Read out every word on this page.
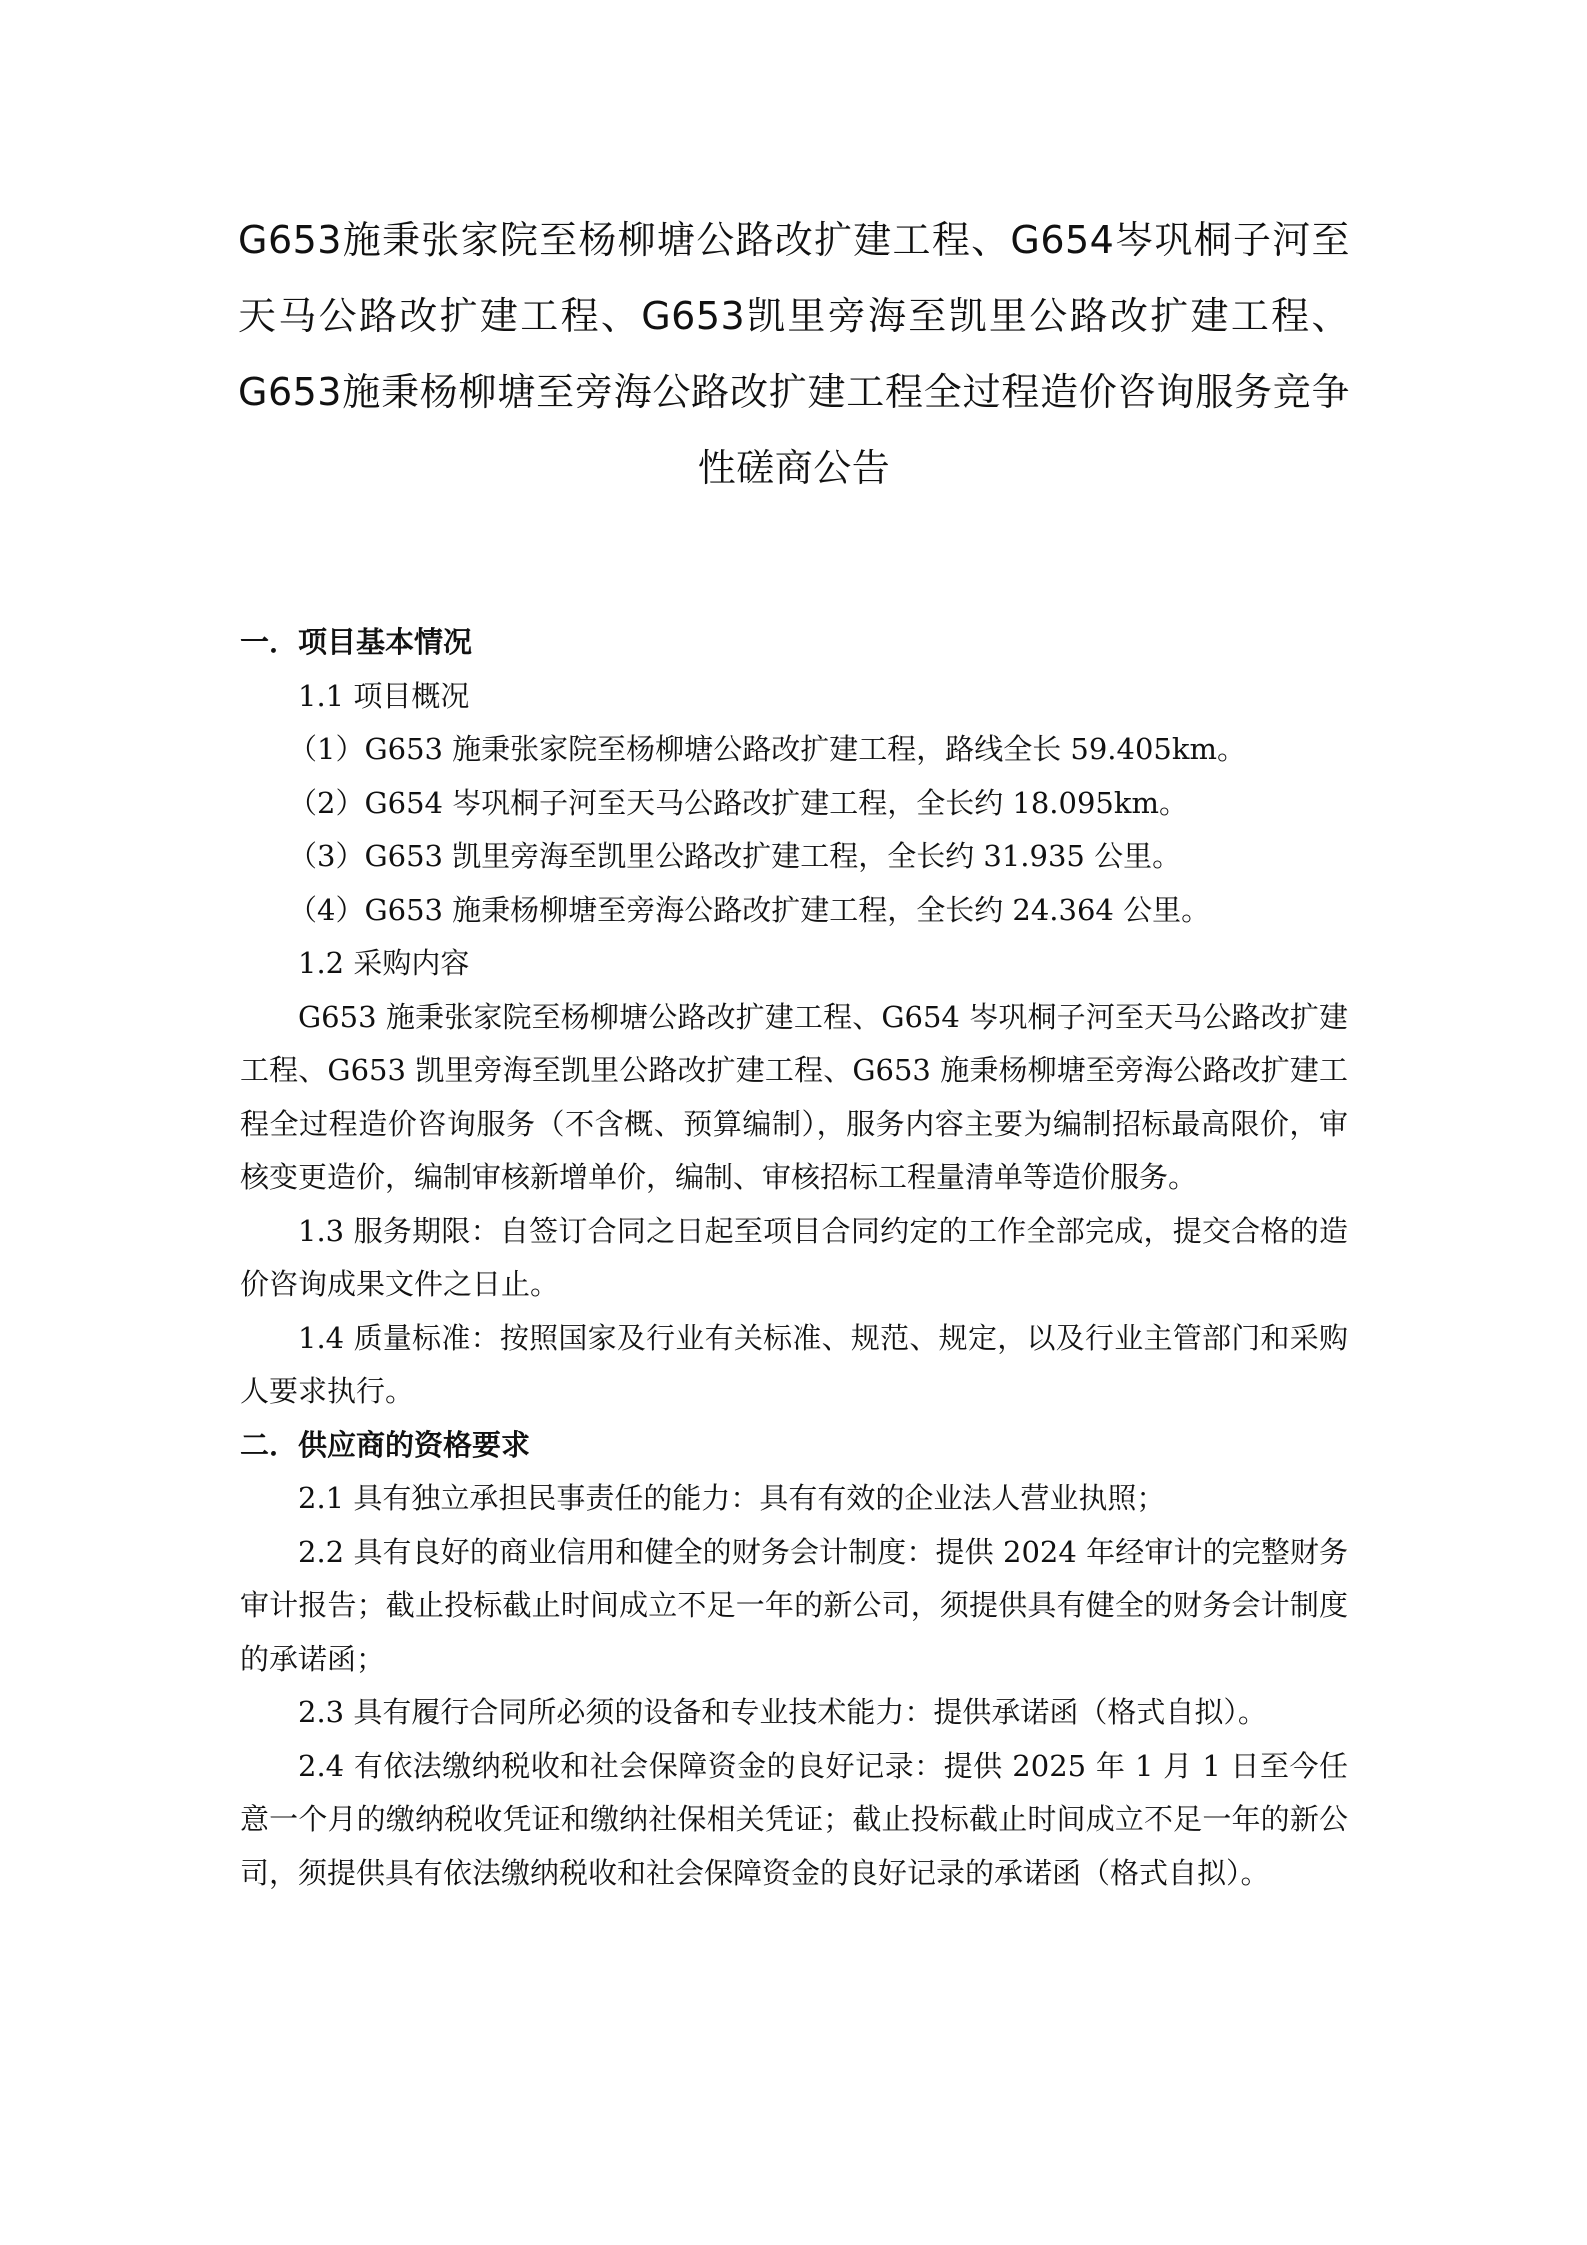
G653施秉张家院至杨柳塘公路改扩建工程、G654岑巩桐子河至天马公路改扩建工程、G653凯里旁海至凯里公路改扩建工程、G653施秉杨柳塘至旁海公路改扩建工程全过程造价咨询服务竞争性磋商公告

一．项目基本情况

1.1 项目概况

（1）G653 施秉张家院至杨柳塘公路改扩建工程，路线全长 59.405km。

（2）G654 岑巩桐子河至天马公路改扩建工程，全长约 18.095km。

（3）G653 凯里旁海至凯里公路改扩建工程，全长约 31.935 公里。

（4）G653 施秉杨柳塘至旁海公路改扩建工程，全长约 24.364 公里。

1.2 采购内容

G653 施秉张家院至杨柳塘公路改扩建工程、G654 岑巩桐子河至天马公路改扩建工程、G653 凯里旁海至凯里公路改扩建工程、G653 施秉杨柳塘至旁海公路改扩建工程全过程造价咨询服务（不含概、预算编制），服务内容主要为编制招标最高限价，审核变更造价，编制审核新增单价，编制、审核招标工程量清单等造价服务。

1.3 服务期限：自签订合同之日起至项目合同约定的工作全部完成，提交合格的造价咨询成果文件之日止。

1.4 质量标准：按照国家及行业有关标准、规范、规定，以及行业主管部门和采购人要求执行。

二．供应商的资格要求

2.1 具有独立承担民事责任的能力：具有有效的企业法人营业执照；

2.2 具有良好的商业信用和健全的财务会计制度：提供 2024 年经审计的完整财务审计报告；截止投标截止时间成立不足一年的新公司，须提供具有健全的财务会计制度的承诺函；

2.3 具有履行合同所必须的设备和专业技术能力：提供承诺函（格式自拟）。

2.4 有依法缴纳税收和社会保障资金的良好记录：提供 2025 年 1 月 1 日至今任意一个月的缴纳税收凭证和缴纳社保相关凭证；截止投标截止时间成立不足一年的新公司，须提供具有依法缴纳税收和社会保障资金的良好记录的承诺函（格式自拟）。
